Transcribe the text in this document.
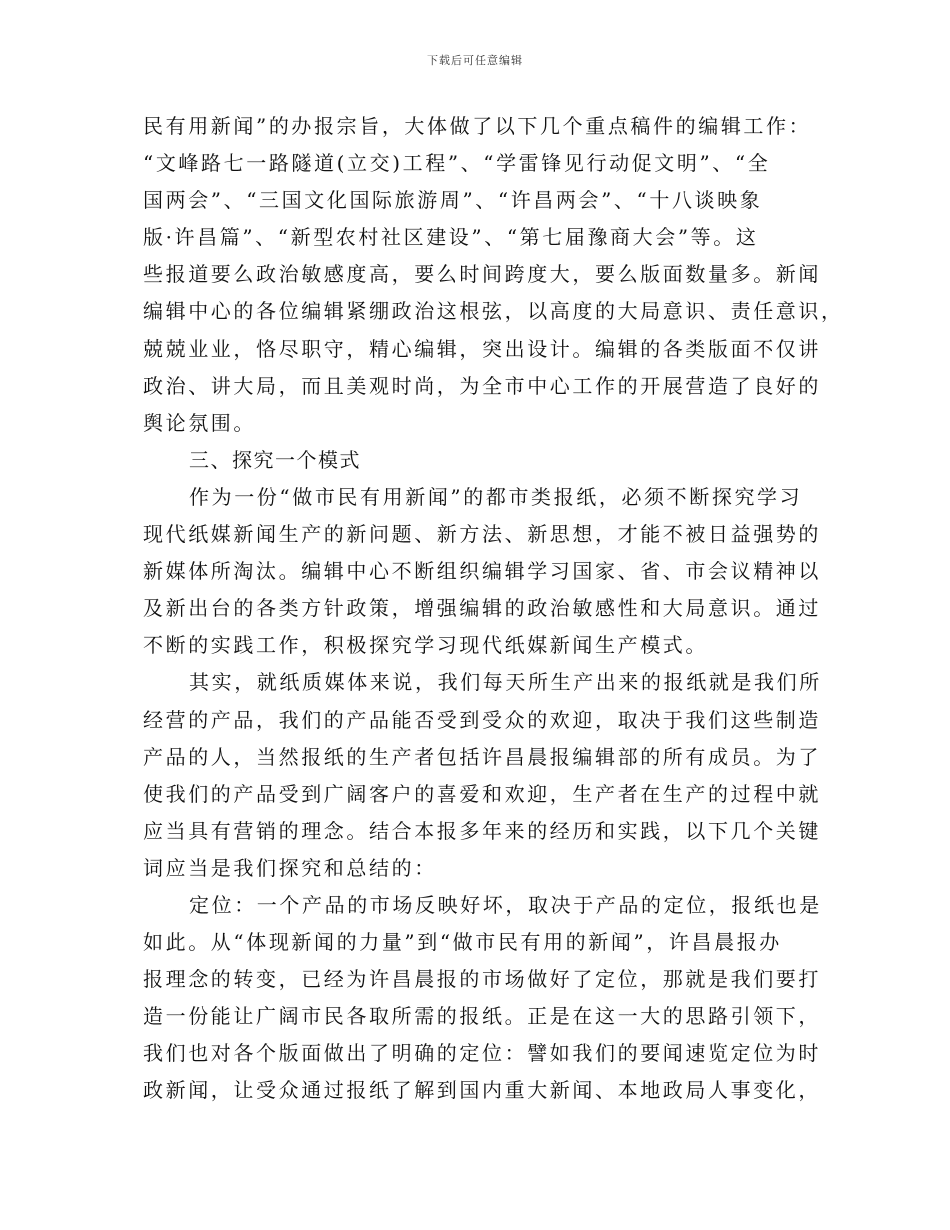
下载后可任意编辑
民有用新闻”的办报宗旨，大体做了以下几个重点稿件的编辑工作：
“文峰路七一路隧道(立交)工程”、“学雷锋见行动促文明”、“全
国两会”、“三国文化国际旅游周”、“许昌两会”、“十八谈映象
版·许昌篇”、“新型农村社区建设”、“第七届豫商大会”等。这
些报道要么政治敏感度高，要么时间跨度大，要么版面数量多。新闻
编辑中心的各位编辑紧绷政治这根弦，以高度的大局意识、责任意识，
兢兢业业，恪尽职守，精心编辑，突出设计。编辑的各类版面不仅讲
政治、讲大局，而且美观时尚，为全市中心工作的开展营造了良好的
舆论氛围。
三、探究一个模式
作为一份“做市民有用新闻”的都市类报纸，必须不断探究学习
现代纸媒新闻生产的新问题、新方法、新思想，才能不被日益强势的
新媒体所淘汰。编辑中心不断组织编辑学习国家、省、市会议精神以
及新出台的各类方针政策，增强编辑的政治敏感性和大局意识。通过
不断的实践工作，积极探究学习现代纸媒新闻生产模式。
其实，就纸质媒体来说，我们每天所生产出来的报纸就是我们所
经营的产品，我们的产品能否受到受众的欢迎，取决于我们这些制造
产品的人，当然报纸的生产者包括许昌晨报编辑部的所有成员。为了
使我们的产品受到广阔客户的喜爱和欢迎，生产者在生产的过程中就
应当具有营销的理念。结合本报多年来的经历和实践，以下几个关键
词应当是我们探究和总结的：
定位：一个产品的市场反映好坏，取决于产品的定位，报纸也是
如此。从“体现新闻的力量”到“做市民有用的新闻”，许昌晨报办
报理念的转变，已经为许昌晨报的市场做好了定位，那就是我们要打
造一份能让广阔市民各取所需的报纸。正是在这一大的思路引领下，
我们也对各个版面做出了明确的定位：譬如我们的要闻速览定位为时
政新闻，让受众通过报纸了解到国内重大新闻、本地政局人事变化，
